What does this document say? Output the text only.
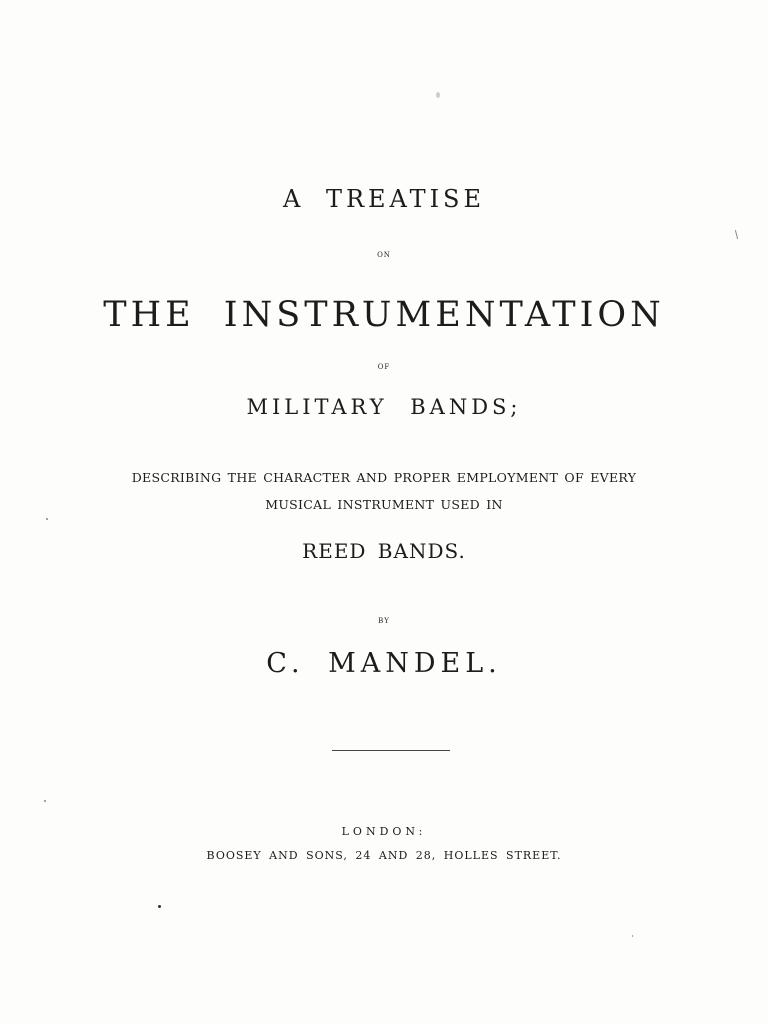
A TREATISE
ON
THE INSTRUMENTATION
OF
MILITARY BANDS;
DESCRIBING THE CHARACTER AND PROPER EMPLOYMENT OF EVERY
MUSICAL INSTRUMENT USED IN
REED BANDS.
BY
C. MANDEL.
LONDON:
BOOSEY AND SONS, 24 AND 28, HOLLES STREET.
